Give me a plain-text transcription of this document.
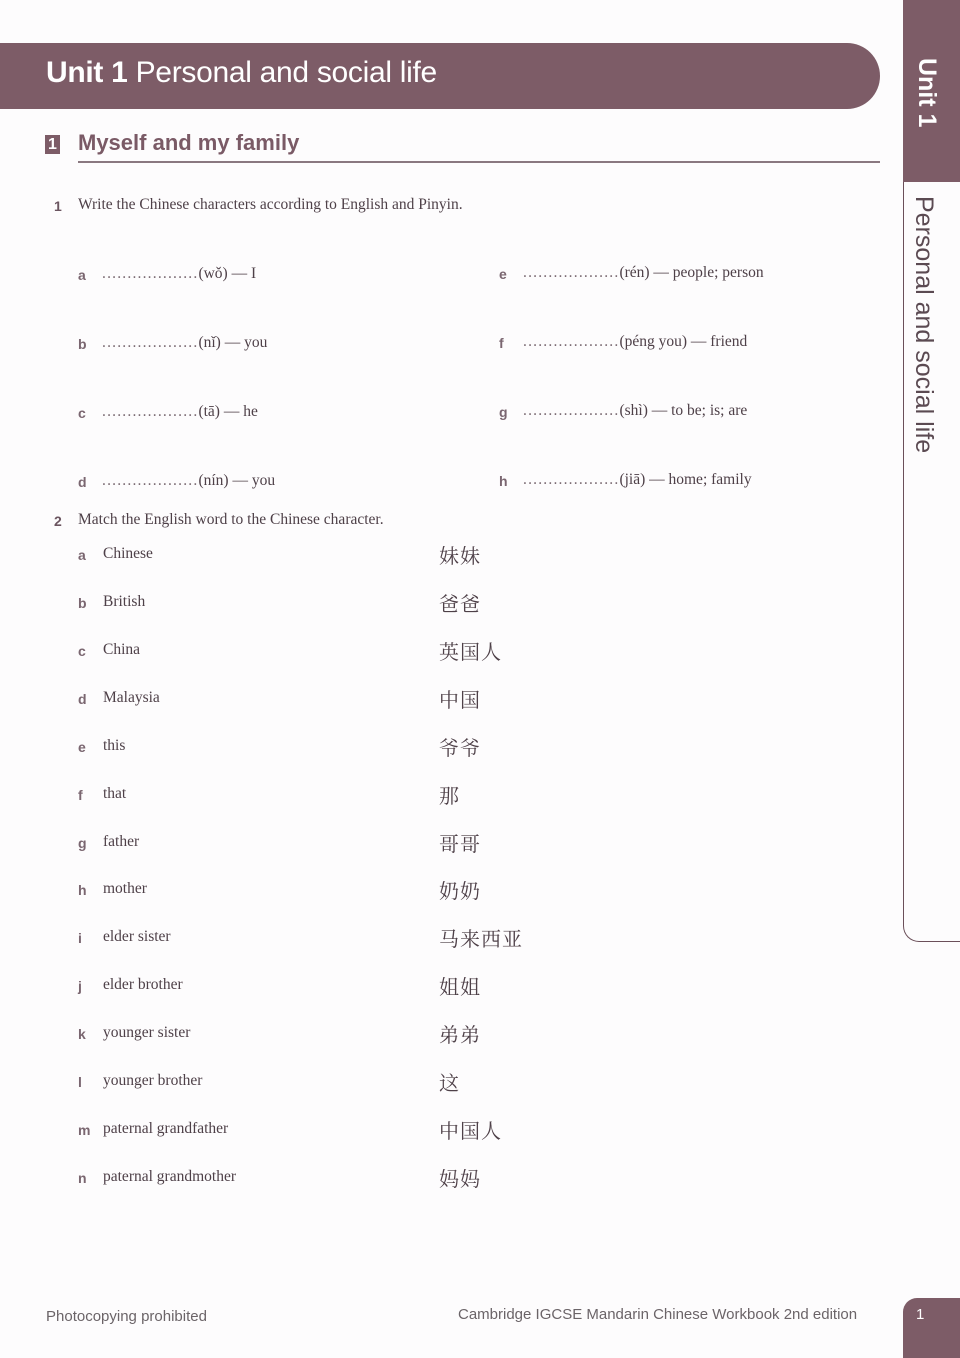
Unit 1 Personal and social life	Unit 1
Personal and social life
1 Myself and my family
1 Write the Chinese characters according to English and Pinyin.
a ...................(wǒ) — I
b ...................(nǐ) — you
c ...................(tā) — he
d ...................(nín) — you
e ...................(rén) — people; person
f ...................(péng you) — friend
g ...................(shì) — to be; is; are
h ...................(jiā) — home; family
2 Match the English word to the Chinese character.
a Chinese	妹妹
b British	爸爸
c China	英国人
d Malaysia	中国
e this	爷爷
f that	那
g father	哥哥
h mother	奶奶
i elder sister	马来西亚
j elder brother	姐姐
k younger sister	弟弟
l younger brother	这
m paternal grandfather	中国人
n paternal grandmother	妈妈
Photocopying prohibited	Cambridge IGCSE Mandarin Chinese Workbook 2nd edition	1
